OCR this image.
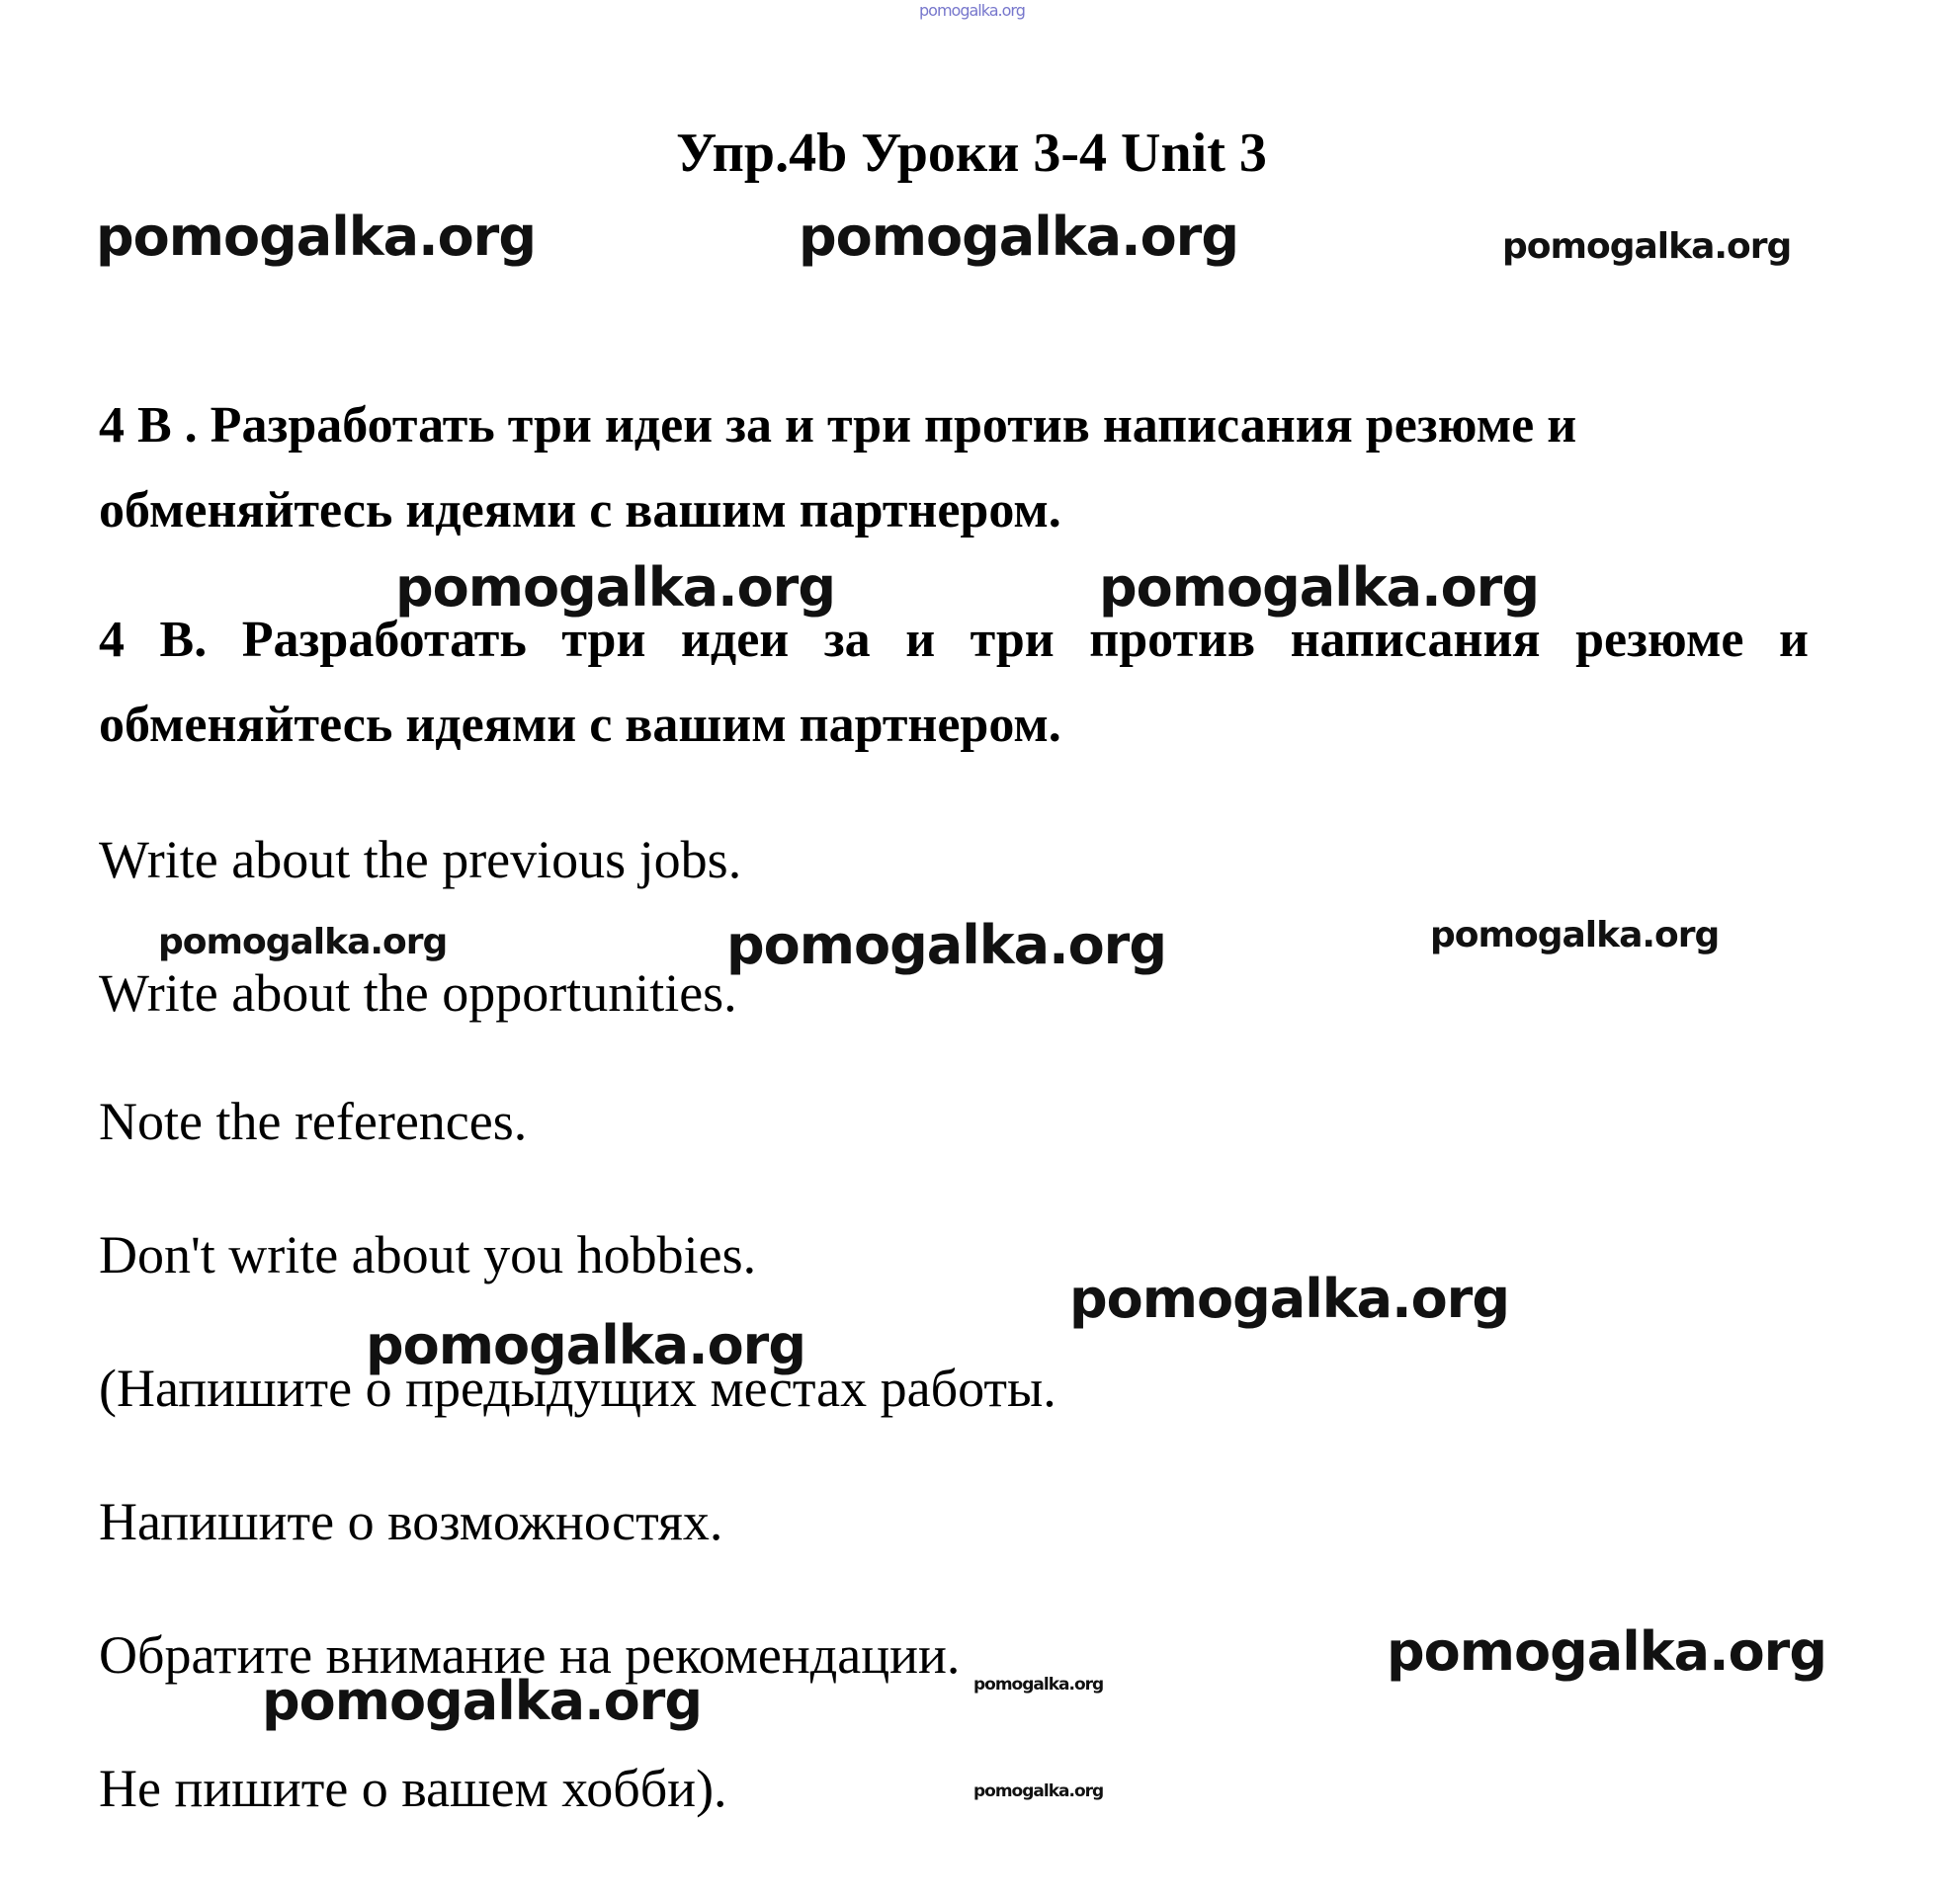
pomogalka.org
Упр.4b Уроки 3-4 Unit 3
pomogalka.org	pomogalka.org	pomogalka.org

4 В . Разработать три идеи за и три против написания резюме и обменяйтесь идеями с вашим партнером.

4 B. Разработать три идеи за и три против написания резюме и обменяйтесь идеями с вашим партнером.

Write about the previous jobs.

Write about the opportunities.

Note the references.

Don't write about you hobbies.

(Напишите о предыдущих местах работы.

Напишите о возможностях.

Обратите внимание на рекомендации.

Не пишите о вашем хобби).

pomogalka.org	pomogalka.org
pomogalka.org	pomogalka.org	pomogalka.org
pomogalka.org
pomogalka.org
pomogalka.org
pomogalka.org	pomogalka.org
pomogalka.org
